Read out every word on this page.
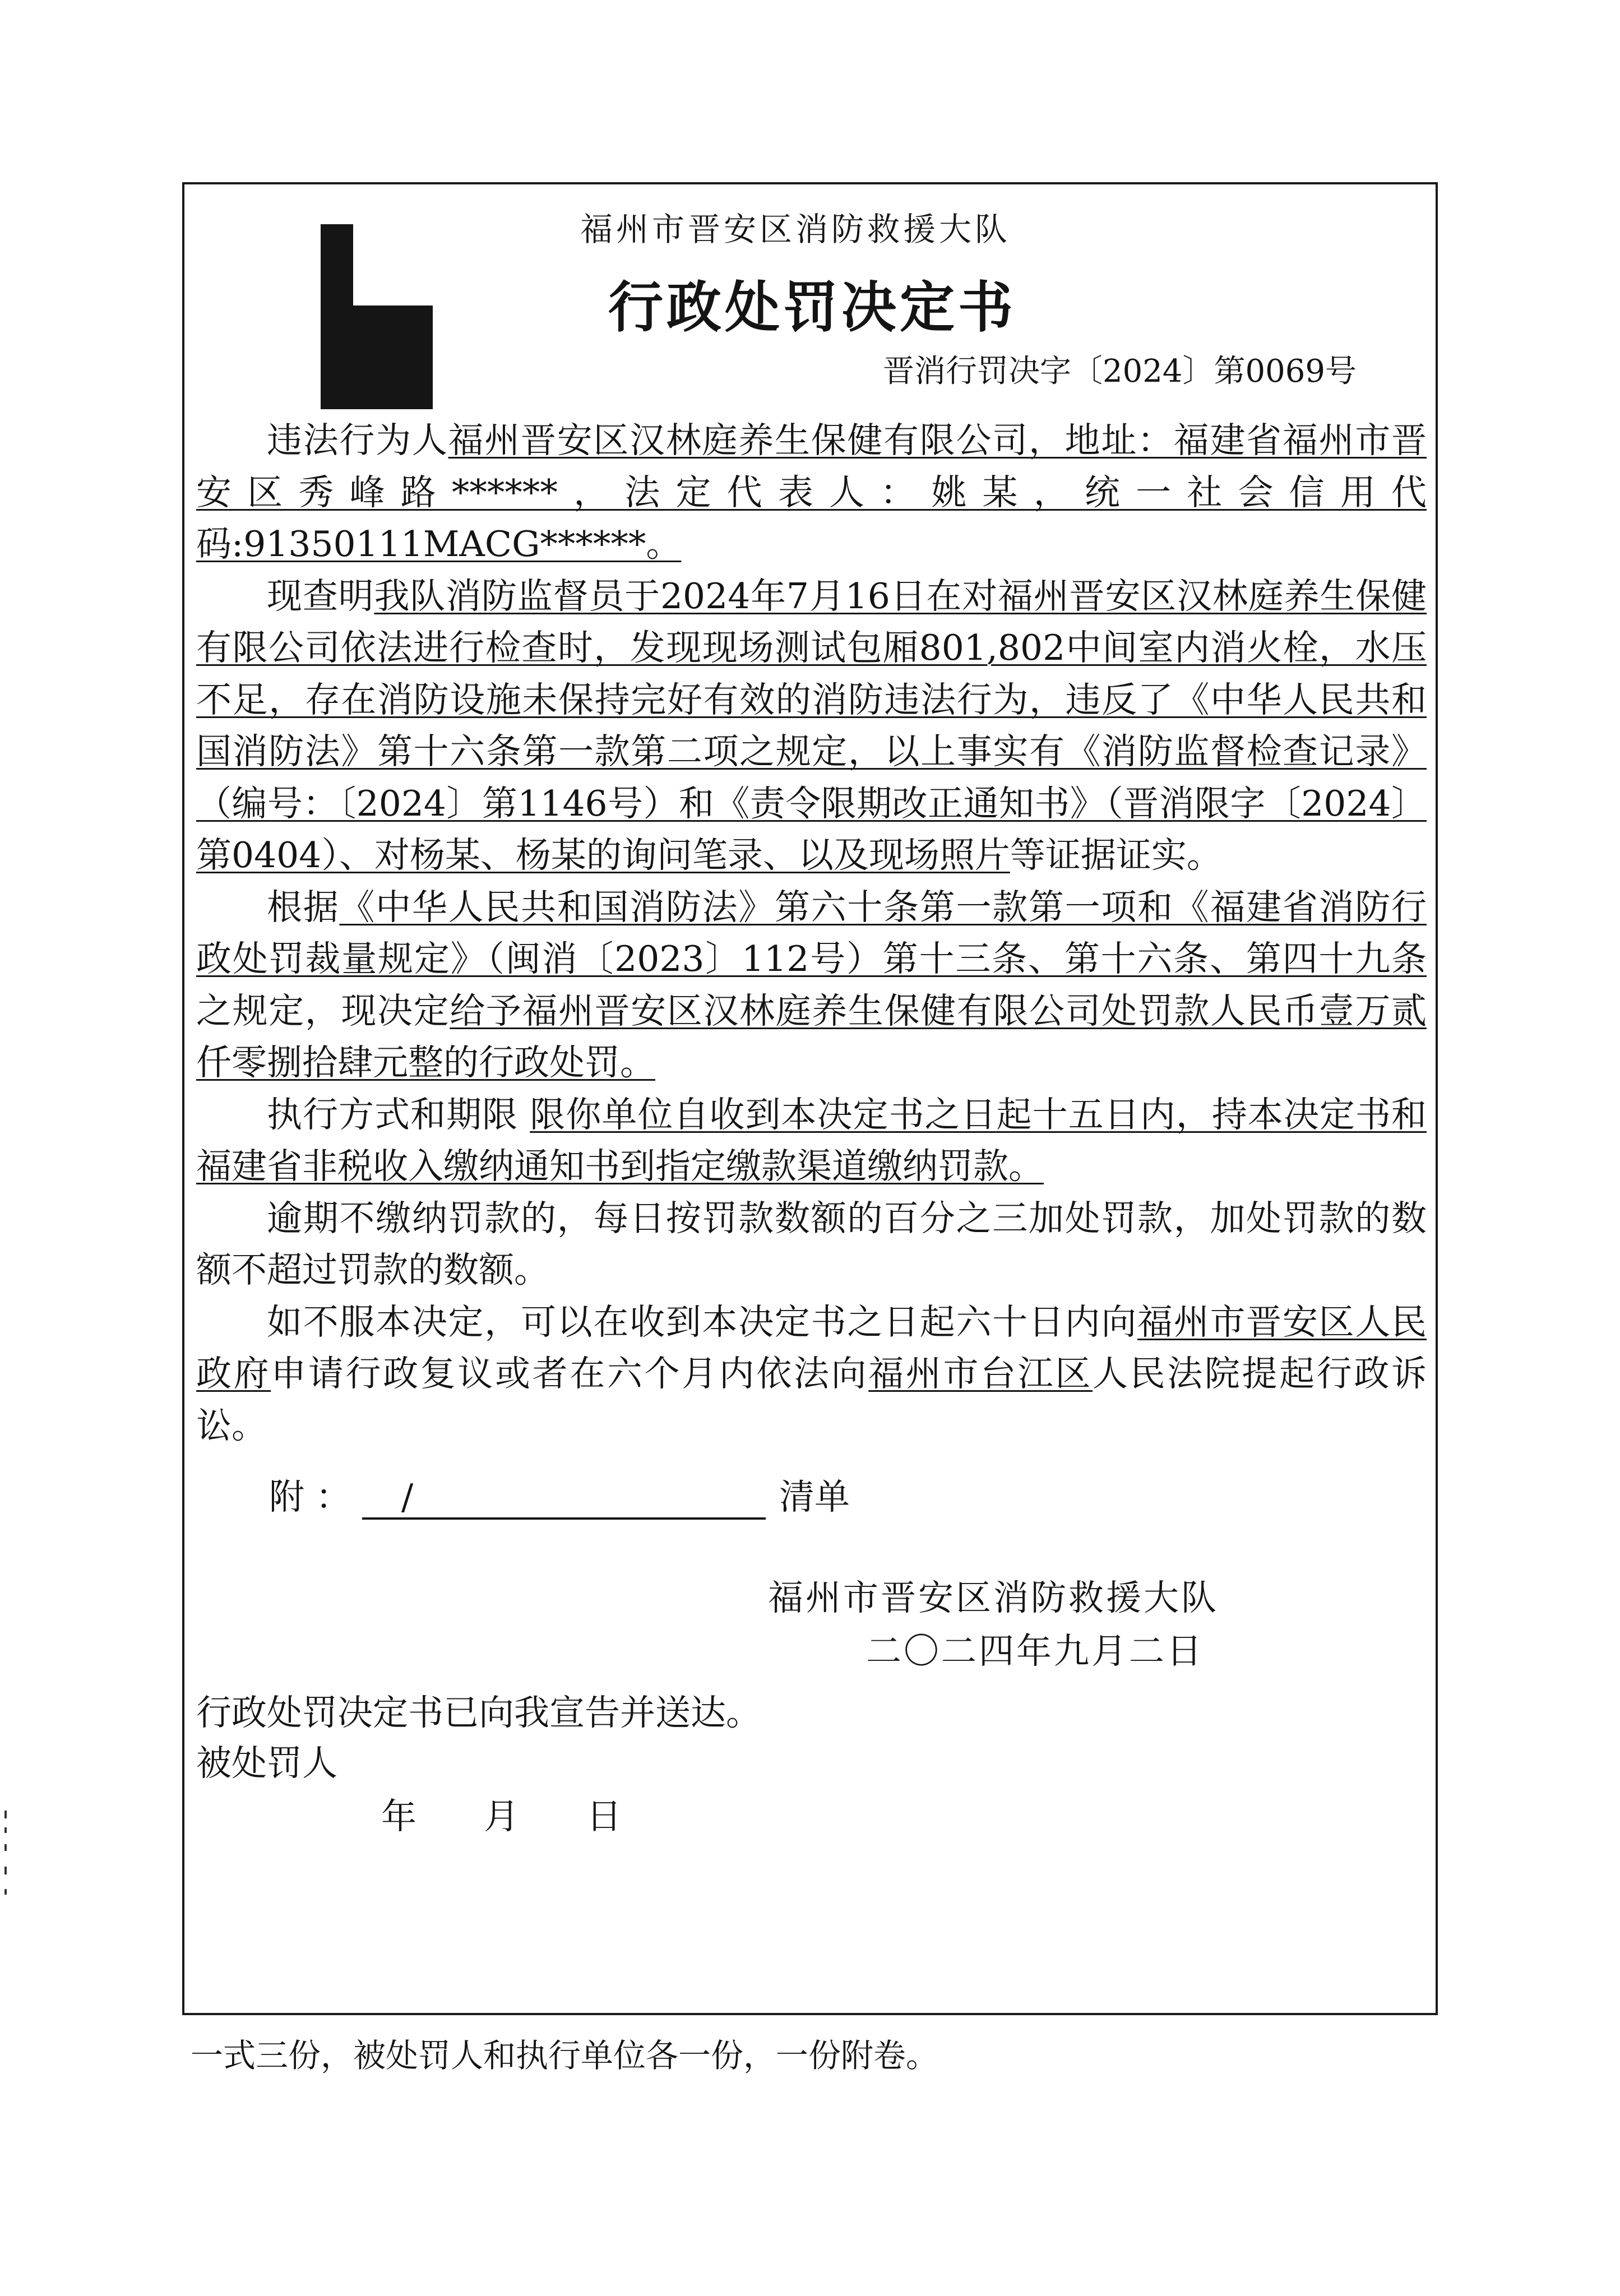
福州市晋安区消防救援大队
行政处罚决定书
晋消行罚决字〔2024〕第0069号

违法行为人福州晋安区汉林庭养生保健有限公司，地址：福建省福州市晋安区秀峰路******，法定代表人：姚某，统一社会信用代码:91350111MACG******。

现查明我队消防监督员于2024年7月16日在对福州晋安区汉林庭养生保健有限公司依法进行检查时，发现现场测试包厢801,802中间室内消火栓，水压不足，存在消防设施未保持完好有效的消防违法行为，违反了《中华人民共和国消防法》第十六条第一款第二项之规定，以上事实有《消防监督检查记录》（编号：〔2024〕第1146号）和《责令限期改正通知书》（晋消限字〔2024〕第0404）、对杨某、杨某的询问笔录、以及现场照片等证据证实。

根据《中华人民共和国消防法》第六十条第一款第一项和《福建省消防行政处罚裁量规定》（闽消〔2023〕112号）第十三条、第十六条、第四十九条之规定，现决定给予福州晋安区汉林庭养生保健有限公司处罚款人民币壹万贰仟零捌拾肆元整的行政处罚。

执行方式和期限 限你单位自收到本决定书之日起十五日内，持本决定书和福建省非税收入缴纳通知书到指定缴款渠道缴纳罚款。

逾期不缴纳罚款的，每日按罚款数额的百分之三加处罚款，加处罚款的数额不超过罚款的数额。

如不服本决定，可以在收到本决定书之日起六十日内向福州市晋安区人民政府申请行政复议或者在六个月内依法向福州市台江区人民法院提起行政诉讼。

附 ： /	清单
福州市晋安区消防救援大队
二〇二四年九月二日
行政处罚决定书已向我宣告并送达。
被处罚人
年 月 日
一式三份，被处罚人和执行单位各一份，一份附卷。
